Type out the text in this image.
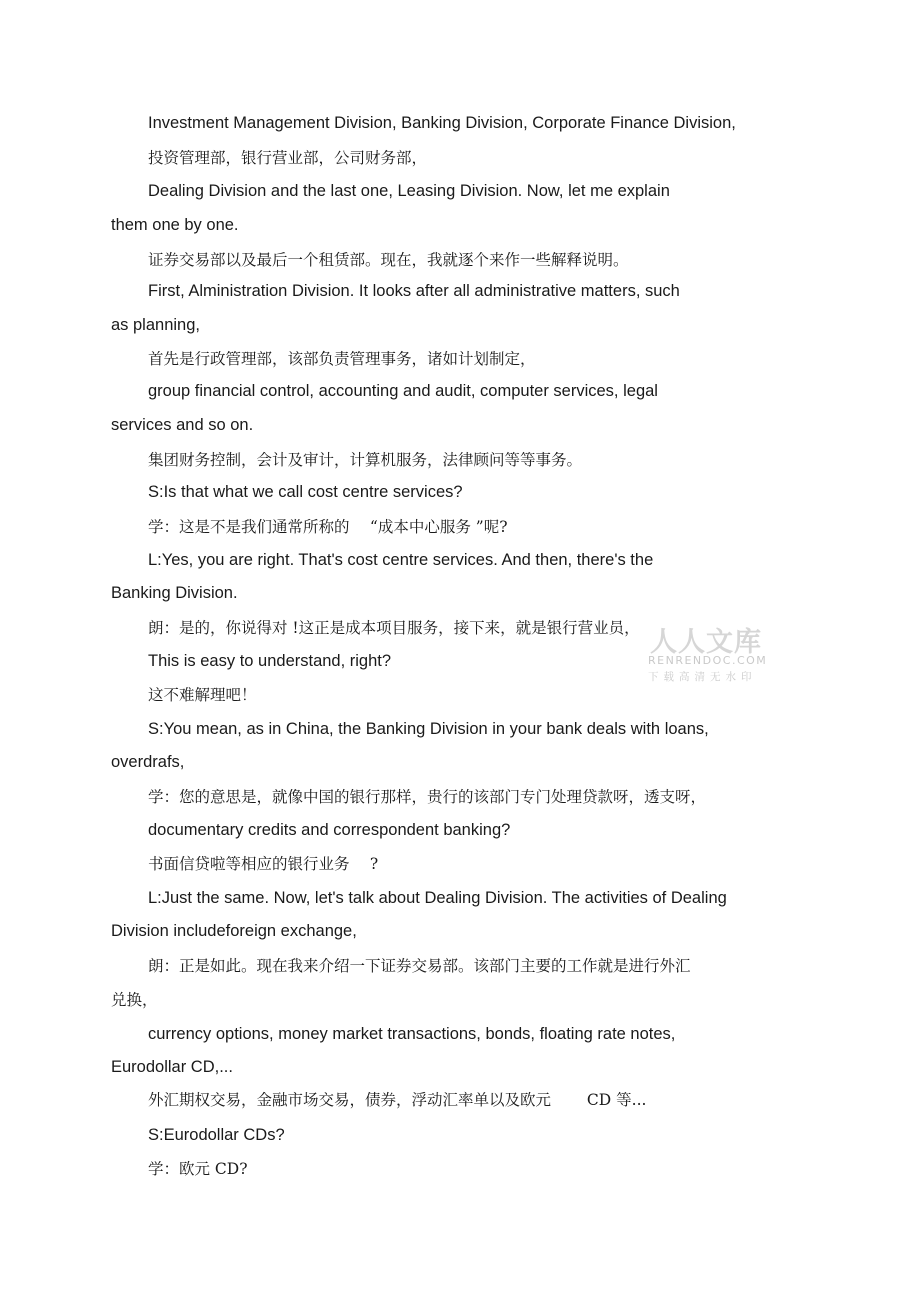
Investment Management Division, Banking Division, Corporate Finance Division,
投资管理部，银行营业部，公司财务部，
Dealing Division and the last one, Leasing Division. Now, let me explain
them one by one.
证券交易部以及最后一个租赁部。现在，我就逐个来作一些解释说明。
First, Alministration Division. It looks after all administrative matters, such
as planning,
首先是行政管理部，该部负责管理事务，诸如计划制定，
group financial control, accounting and audit, computer services, legal
services and so on.
集团财务控制，会计及审计，计算机服务，法律顾问等等事务。
S:Is that what we call cost centre services?
学：这是不是我们通常所称的 　“成本中心服务 ”呢?
L:Yes, you are right. That's cost centre services. And then, there's the
Banking Division.
朗：是的，你说得对 !这正是成本项目服务，接下来，就是银行营业员，
This is easy to understand, right?
这不难解理吧！
S:You mean, as in China, the Banking Division in your bank deals with loans,
overdrafs,
学：您的意思是，就像中国的银行那样，贵行的该部门专门处理贷款呀，透支呀，
documentary credits and correspondent banking?
书面信贷啦等相应的银行业务 　?
L:Just the same. Now, let's talk about Dealing Division. The activities of Dealing
Division includeforeign exchange,
朗：正是如此。现在我来介绍一下证券交易部。该部门主要的工作就是进行外汇
兑换，
currency options, money market transactions, bonds, floating rate notes,
Eurodollar CD,...
外汇期权交易，金融市场交易，债券，浮动汇率单以及欧元 　　CD 等...
S:Eurodollar CDs?
学：欧元 CD?
人人文库
RENRENDOC.COM
下载高清无水印
